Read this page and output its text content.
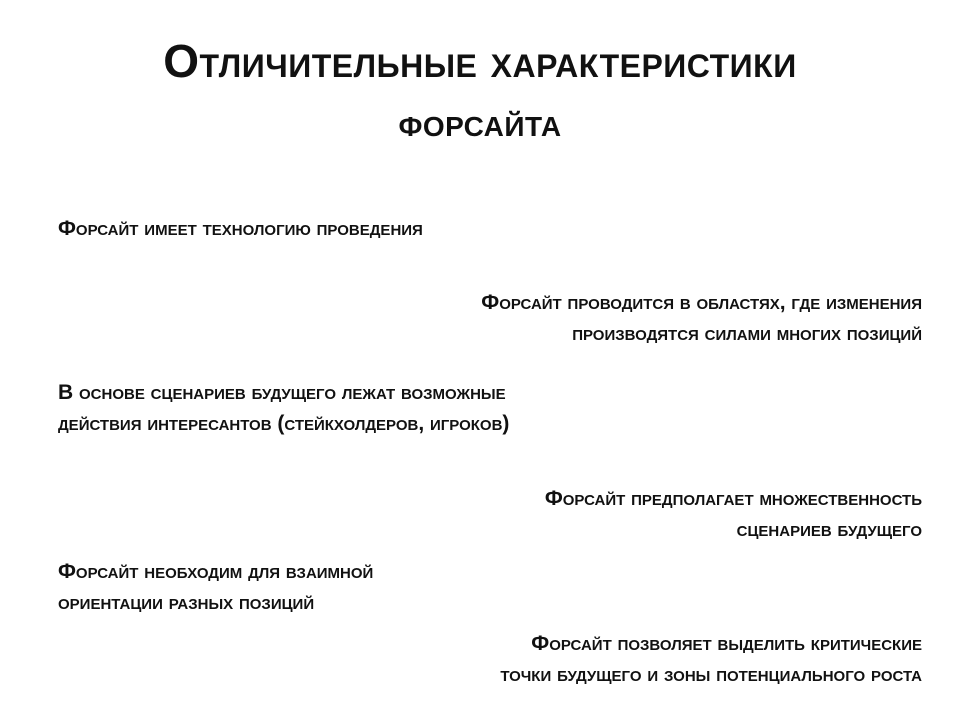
Отличительные характеристики
форсайта

Форсайт имеет технологию проведения

Форсайт проводится в областях, где изменения
производятся силами многих позиций

В основе сценариев будущего лежат возможные
действия интересантов (стейкхолдеров, игроков)

Форсайт предполагает множественность
сценариев будущего

Форсайт необходим для взаимной
ориентации разных позиций

Форсайт позволяет выделить критические
точки будущего и зоны потенциального роста
